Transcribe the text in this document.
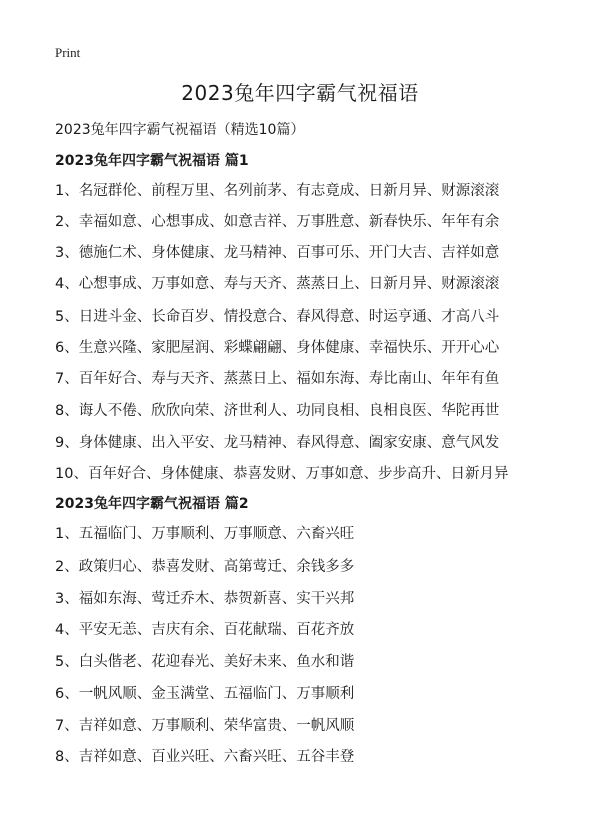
Print
2023兔年四字霸气祝福语
2023兔年四字霸气祝福语（精选10篇）
2023兔年四字霸气祝福语 篇1
1、名冠群伦、前程万里、名列前茅、有志竟成、日新月异、财源滚滚
2、幸福如意、心想事成、如意吉祥、万事胜意、新春快乐、年年有余
3、德施仁术、身体健康、龙马精神、百事可乐、开门大吉、吉祥如意
4、心想事成、万事如意、寿与天齐、蒸蒸日上、日新月异、财源滚滚
5、日进斗金、长命百岁、情投意合、春风得意、时运亨通、才高八斗
6、生意兴隆、家肥屋润、彩蝶翩翩、身体健康、幸福快乐、开开心心
7、百年好合、寿与天齐、蒸蒸日上、福如东海、寿比南山、年年有鱼
8、诲人不倦、欣欣向荣、济世利人、功同良相、良相良医、华陀再世
9、身体健康、出入平安、龙马精神、春风得意、阖家安康、意气风发
10、百年好合、身体健康、恭喜发财、万事如意、步步高升、日新月异
2023兔年四字霸气祝福语 篇2
1、五福临门、万事顺利、万事顺意、六畜兴旺
2、政策归心、恭喜发财、高第莺迁、余钱多多
3、福如东海、莺迁乔木、恭贺新喜、实干兴邦
4、平安无恙、吉庆有余、百花献瑞、百花齐放
5、白头偕老、花迎春光、美好未来、鱼水和谐
6、一帆风顺、金玉满堂、五福临门、万事顺利
7、吉祥如意、万事顺利、荣华富贵、一帆风顺
8、吉祥如意、百业兴旺、六畜兴旺、五谷丰登
